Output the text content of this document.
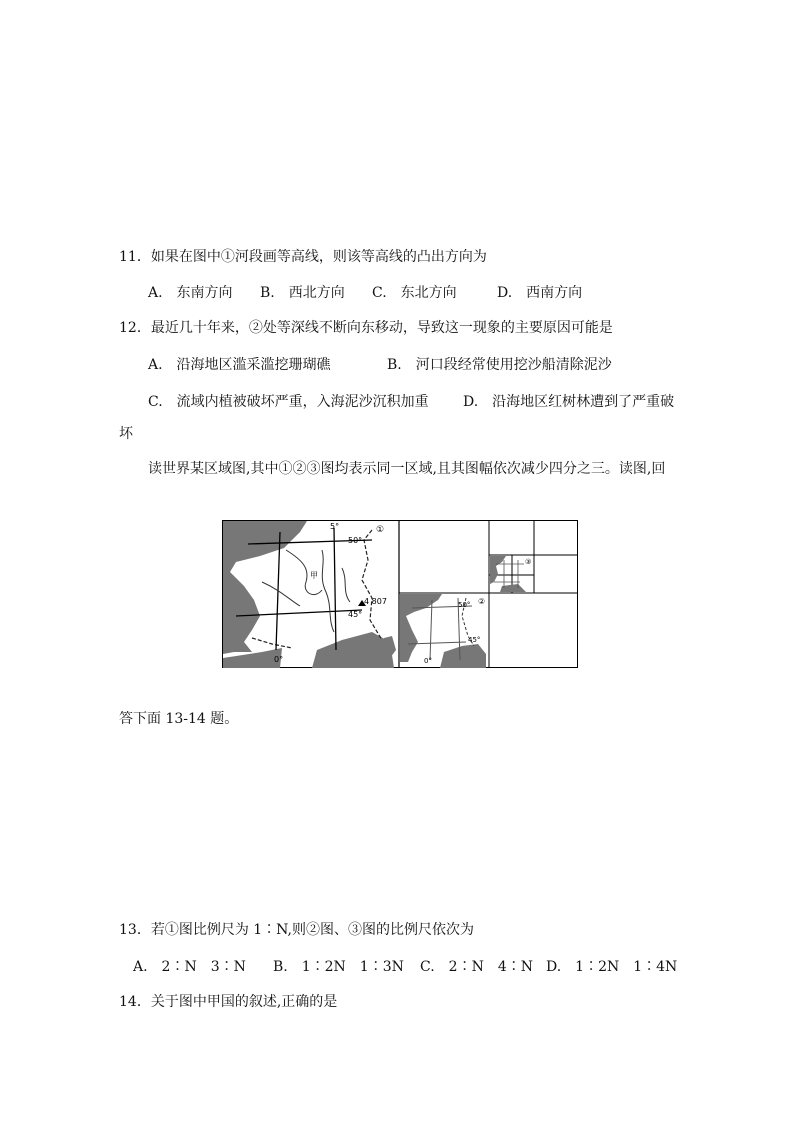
11．如果在图中①河段画等高线，则该等高线的凸出方向为
A.　东南方向 B.　西北方向 C.　东北方向	D.　西南方向
12．最近几十年来，②处等深线不断向东移动，导致这一现象的主要原因可能是
A.　沿海地区滥采滥挖珊瑚礁	B.　河口段经常使用挖沙船清除泥沙
C.　流域内植被破坏严重，入海泥沙沉积加重 D.　沿海地区红树林遭到了严重破
坏
读世界某区域图,其中①②③图均表示同一区域,且其图幅依次减少四分之三。读图,回
①
5°
50°
45°
0°
甲
4 807	②
50°
45°
0°
③
答下面 13-14 题。
13．若①图比例尺为 1∶N,则②图、③图的比例尺依次为
A.　2∶N　3∶N B.　1∶2N　1∶3N C.　2∶N　4∶N D.　1∶2N　1∶4N
14．关于图中甲国的叙述,正确的是
